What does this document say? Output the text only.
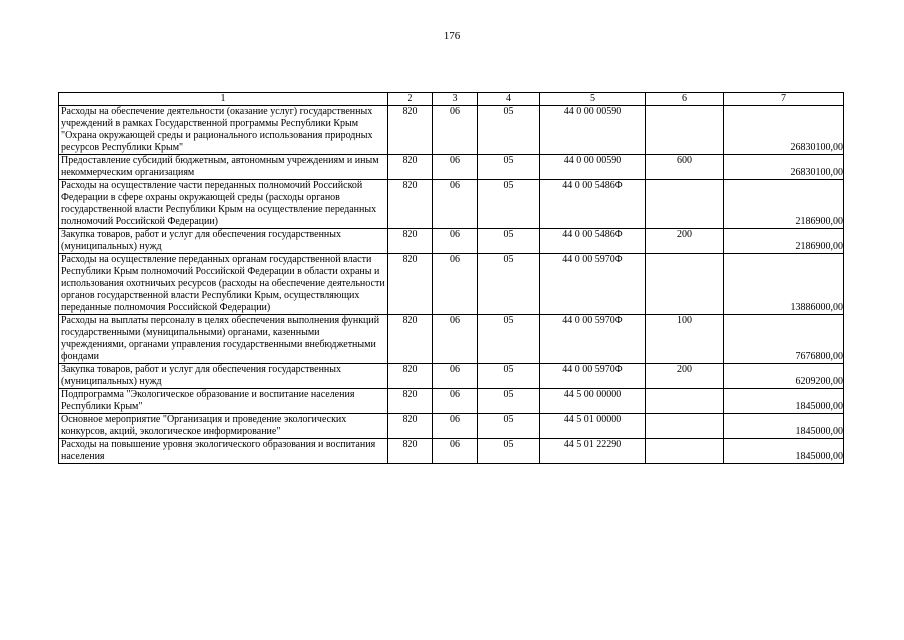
176
1	2	3	4	5	6	7
Расходы на обеспечение деятельности (оказание услуг) государственных учреждений в рамках Государственной программы Республики Крым "Охрана окружающей среды и рационального использования природных ресурсов Республики Крым"	820	06	05	44 0 00 00590		26830100,00
Предоставление субсидий бюджетным, автономным учреждениям и иным некоммерческим организациям	820	06	05	44 0 00 00590	600	26830100,00
Расходы на осуществление части переданных полномочий Российской Федерации в сфере охраны окружающей среды (расходы органов государственной власти Республики Крым на осуществление переданных полномочий Российской Федерации)	820	06	05	44 0 00 5486Ф		2186900,00
Закупка товаров, работ и услуг для обеспечения государственных (муниципальных) нужд	820	06	05	44 0 00 5486Ф	200	2186900,00
Расходы на осуществление переданных органам государственной власти Республики Крым полномочий Российской Федерации в области охраны и использования охотничьих ресурсов (расходы на обеспечение деятельности органов государственной власти Республики Крым, осуществляющих переданные полномочия Российской Федерации)	820	06	05	44 0 00 5970Ф		13886000,00
Расходы на выплаты персоналу в целях обеспечения выполнения функций государственными (муниципальными) органами, казенными учреждениями, органами управления государственными внебюджетными фондами	820	06	05	44 0 00 5970Ф	100	7676800,00
Закупка товаров, работ и услуг для обеспечения государственных (муниципальных) нужд	820	06	05	44 0 00 5970Ф	200	6209200,00
Подпрограмма "Экологическое образование и воспитание населения Республики Крым"	820	06	05	44 5 00 00000		1845000,00
Основное мероприятие "Организация и проведение экологических конкурсов, акций, экологическое информирование"	820	06	05	44 5 01 00000		1845000,00
Расходы на повышение уровня экологического образования и воспитания населения	820	06	05	44 5 01 22290		1845000,00
